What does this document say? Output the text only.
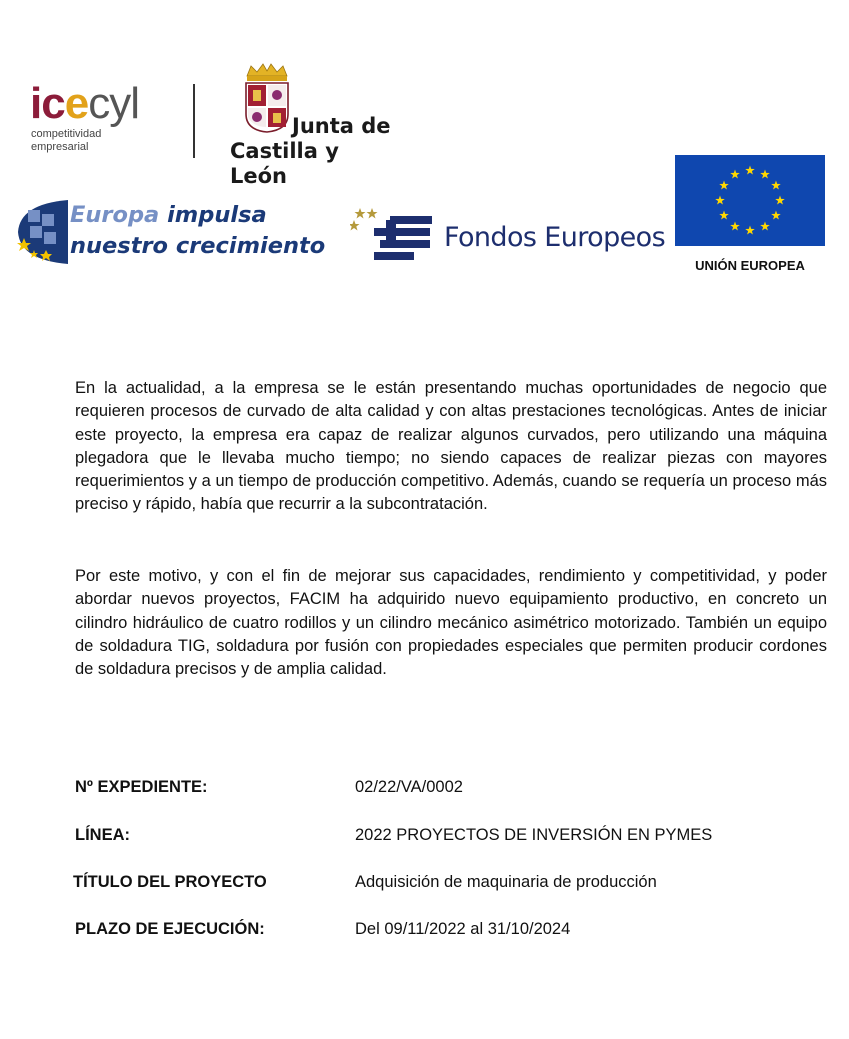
icecyl
competitividad
empresarial
Junta de
Castilla y León
Europa impulsa
nuestro crecimiento	Fondos Europeos
UNIÓN EUROPEA

En la actualidad, a la empresa se le están presentando muchas oportunidades de negocio que requieren procesos de curvado de alta calidad y con altas prestaciones tecnológicas. Antes de iniciar este proyecto, la empresa era capaz de realizar algunos curvados, pero utilizando una máquina plegadora que le llevaba mucho tiempo; no siendo capaces de realizar piezas con mayores requerimientos y a un tiempo de producción competitivo. Además, cuando se requería un proceso más preciso y rápido, había que recurrir a la subcontratación.

Por este motivo, y con el fin de mejorar sus capacidades, rendimiento y competitividad, y poder abordar nuevos proyectos, FACIM ha adquirido nuevo equipamiento productivo, en concreto un cilindro hidráulico de cuatro rodillos y un cilindro mecánico asimétrico motorizado. También un equipo de soldadura TIG, soldadura por fusión con propiedades especiales que permiten producir cordones de soldadura precisos y de amplia calidad.

Nº EXPEDIENTE:	02/22/VA/0002
LÍNEA:	2022 PROYECTOS DE INVERSIÓN EN PYMES
TÍTULO DEL PROYECTO	Adquisición de maquinaria de producción
PLAZO DE EJECUCIÓN:	Del 09/11/2022 al 31/10/2024
